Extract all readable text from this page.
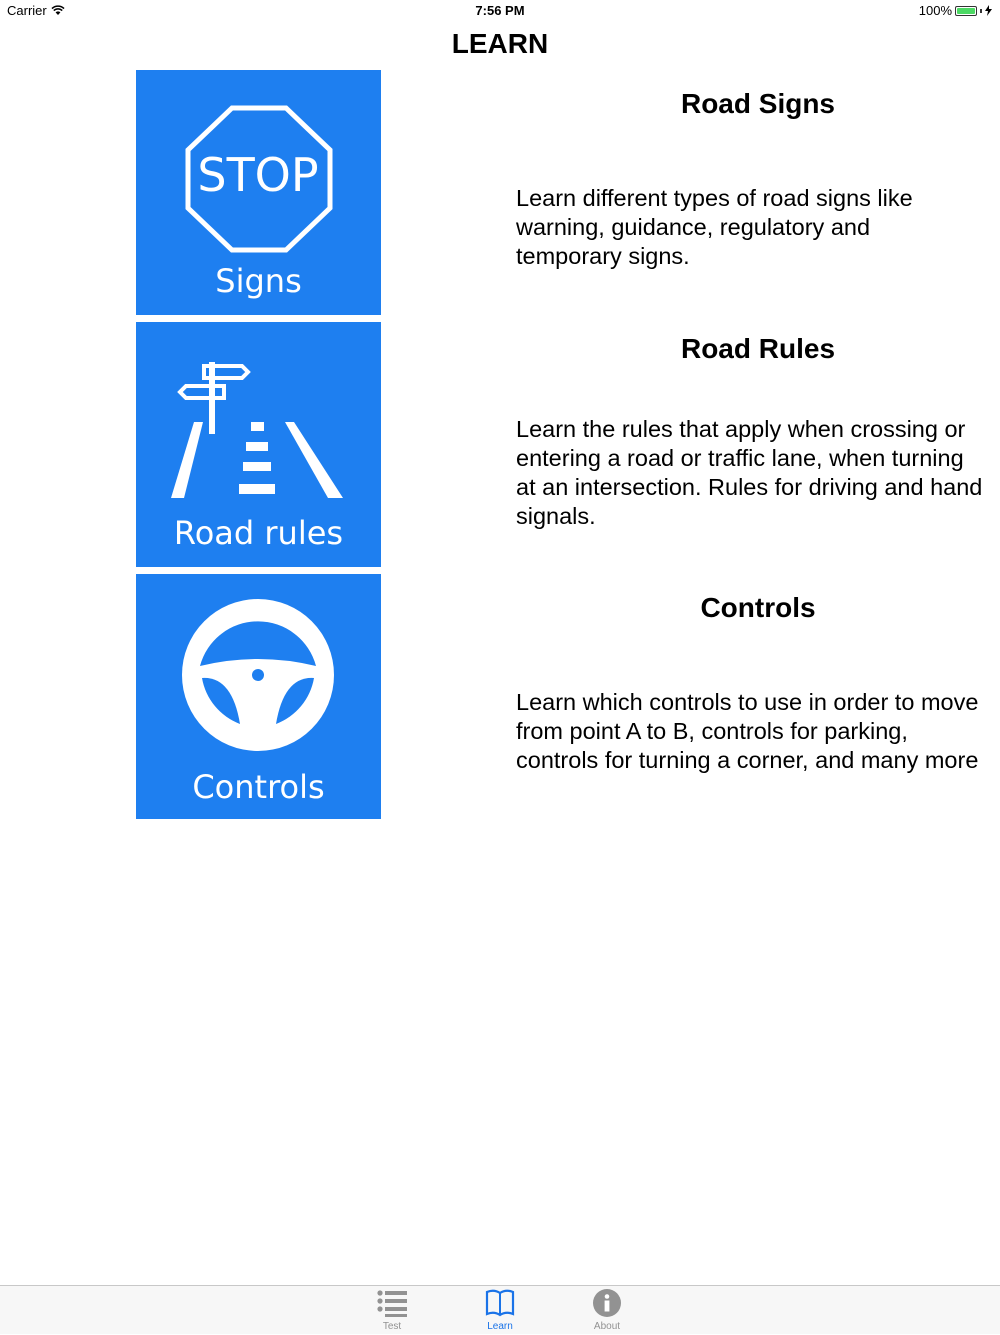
Carrier	7:56 PM	100%
LEARN
STOP
Signs
Road rules
Controls
Road Signs
Learn different types of road signs like
warning, guidance, regulatory and
temporary signs.
Road Rules
Learn the rules that apply when crossing or
entering a road or traffic lane, when turning
at an intersection. Rules for driving and hand
signals.
Controls
Learn which controls to use in order to move
from point A to B, controls for parking,
controls for turning a corner, and many more
Test	Learn	About
